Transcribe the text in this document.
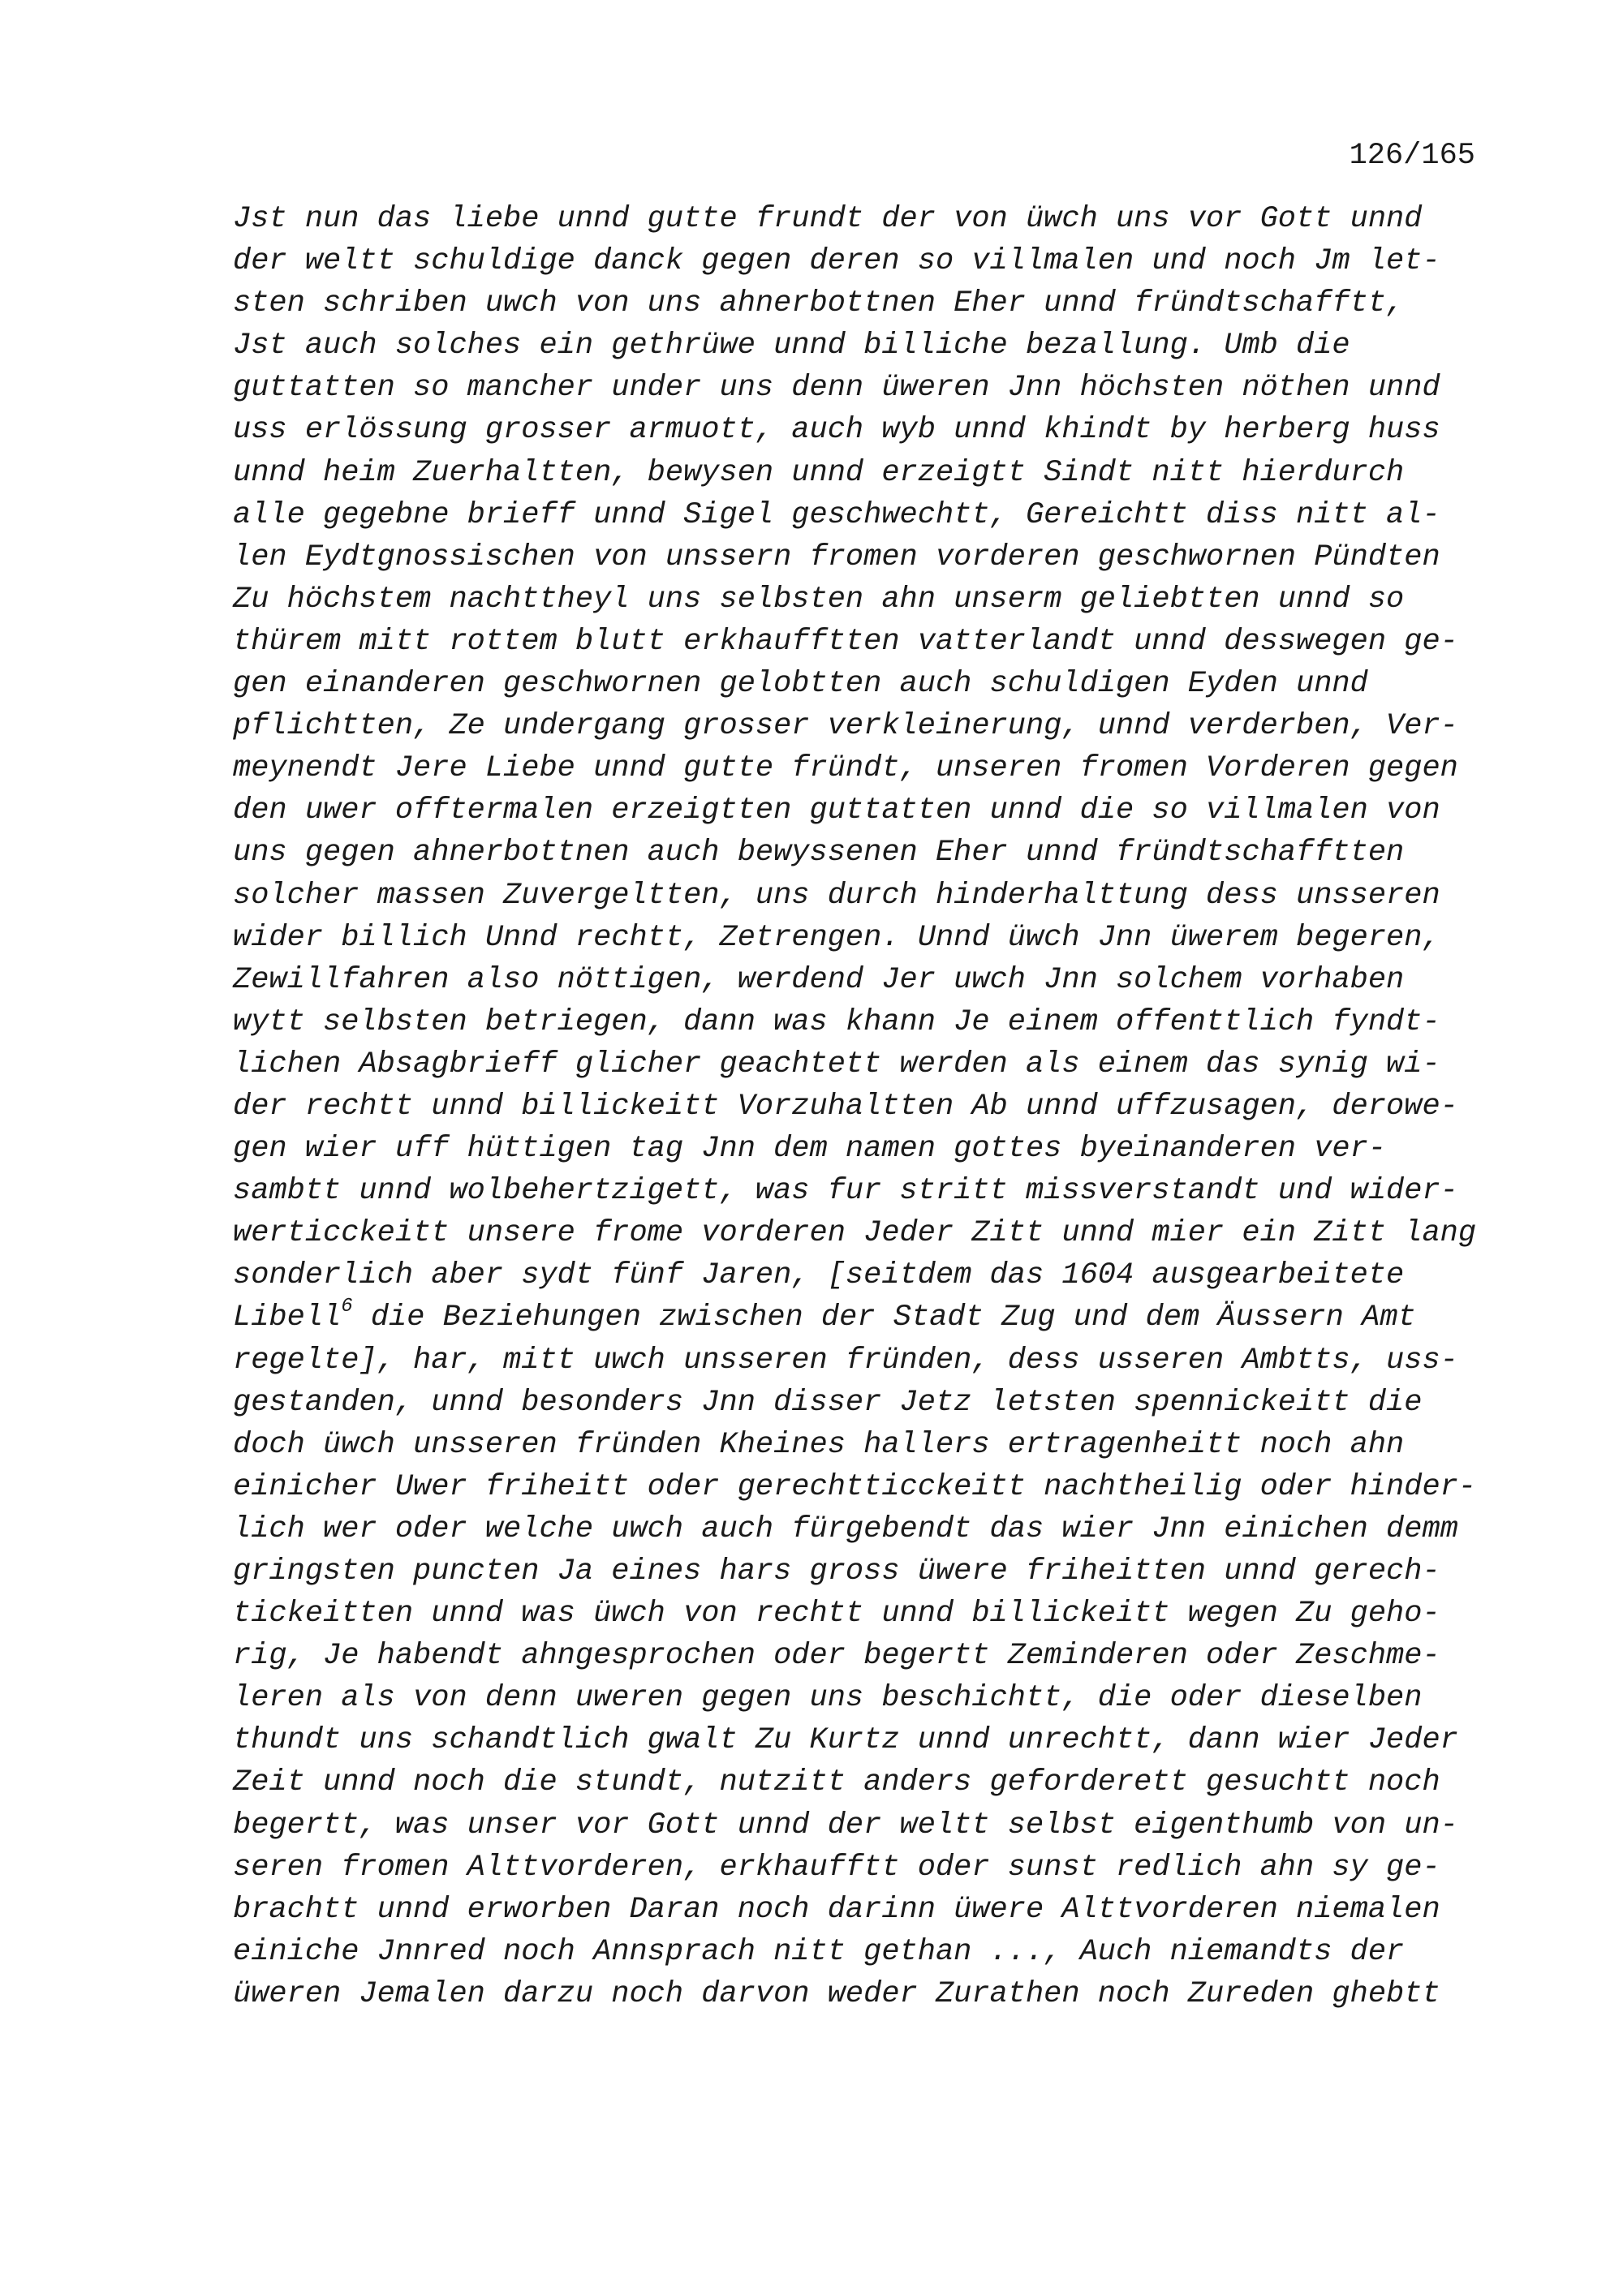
126/165
Jst nun das liebe unnd gutte frundt der von üwch uns vor Gott unnd
der weltt schuldige danck gegen deren so villmalen und noch Jm let-
sten schriben uwch von uns ahnerbottnen Eher unnd fründtschafftt,
Jst auch solches ein gethrüwe unnd billiche bezallung. Umb die
guttatten so mancher under uns denn üweren Jnn höchsten nöthen unnd
uss erlössung grosser armuott, auch wyb unnd khindt by herberg huss
unnd heim Zuerhaltten, bewysen unnd erzeigtt Sindt nitt hierdurch
alle gegebne brieff unnd Sigel geschwechtt, Gereichtt diss nitt al-
len Eydtgnossischen von unssern fromen vorderen geschwornen Pündten
Zu höchstem nachttheyl uns selbsten ahn unserm geliebtten unnd so
thürem mitt rottem blutt erkhaufftten vatterlandt unnd desswegen ge-
gen einanderen geschwornen gelobtten auch schuldigen Eyden unnd
pflichtten, Ze undergang grosser verkleinerung, unnd verderben, Ver-
meynendt Jere Liebe unnd gutte fründt, unseren fromen Vorderen gegen
den uwer offtermalen erzeigtten guttatten unnd die so villmalen von
uns gegen ahnerbottnen auch bewyssenen Eher unnd fründtschafftten
solcher massen Zuvergeltten, uns durch hinderhalttung dess unsseren
wider billich Unnd rechtt, Zetrengen. Unnd üwch Jnn üwerem begeren,
Zewillfahren also nöttigen, werdend Jer uwch Jnn solchem vorhaben
wytt selbsten betriegen, dann was khann Je einem offenttlich fyndt-
lichen Absagbrieff glicher geachtett werden als einem das synig wi-
der rechtt unnd billickeitt Vorzuhaltten Ab unnd uffzusagen, derowe-
gen wier uff hüttigen tag Jnn dem namen gottes byeinanderen ver-
sambtt unnd wolbehertzigett, was fur stritt missverstandt und wider-
werticckeitt unsere frome vorderen Jeder Zitt unnd mier ein Zitt lang
sonderlich aber sydt fünf Jaren, [seitdem das 1604 ausgearbeitete
Libell$^6$ die Beziehungen zwischen der Stadt Zug und dem Äussern Amt
regelte], har, mitt uwch unsseren fründen, dess usseren Ambtts, uss-
gestanden, unnd besonders Jnn disser Jetz letsten spennickeitt die
doch üwch unsseren fründen Kheines hallers ertragenheitt noch ahn
einicher Uwer friheitt oder gerechtticckeitt nachtheilig oder hinder-
lich wer oder welche uwch auch fürgebendt das wier Jnn einichen demm
gringsten puncten Ja eines hars gross üwere friheitten unnd gerech-
tickeitten unnd was üwch von rechtt unnd billickeitt wegen Zu geho-
rig, Je habendt ahngesprochen oder begertt Zeminderen oder Zeschme-
leren als von denn uweren gegen uns beschichtt, die oder dieselben
thundt uns schandtlich gwalt Zu Kurtz unnd unrechtt, dann wier Jeder
Zeit unnd noch die stundt, nutzitt anders geforderett gesuchtt noch
begertt, was unser vor Gott unnd der weltt selbst eigenthumb von un-
seren fromen Alttvorderen, erkhaufftt oder sunst redlich ahn sy ge-
brachtt unnd erworben Daran noch darinn üwere Alttvorderen niemalen
einiche Jnnred noch Annsprach nitt gethan ..., Auch niemandts der
üweren Jemalen darzu noch darvon weder Zurathen noch Zureden ghebtt
